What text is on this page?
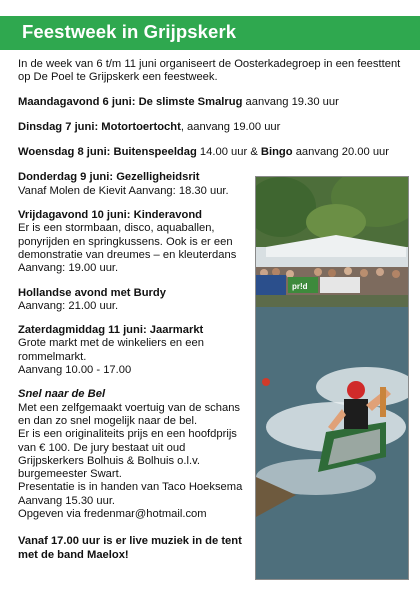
Feestweek in Grijpskerk

In de week van 6 t/m 11 juni organiseert de Oosterkadegroep in een feesttent op De Poel te Grijpskerk een feestweek.

Maandagavond 6 juni: De slimste Smalrug aanvang 19.30 uur

Dinsdag 7 juni: Motortoertocht, aanvang 19.00 uur

Woensdag 8 juni: Buitenspeeldag 14.00 uur & Bingo aanvang 20.00 uur

Donderdag 9 juni: Gezelligheidsrit

Vanaf Molen de Kievit Aanvang: 18.30 uur.

Vrijdagavond 10 juni: Kinderavond

Er is een stormbaan, disco, aquaballen, ponyrijden en springkussens. Ook is er een demonstratie van dreumes – en kleuterdans

Aanvang: 19.00 uur.

Hollandse avond met Burdy

Aanvang: 21.00 uur.

Zaterdagmiddag 11 juni: Jaarmarkt

Grote markt met de winkeliers en een rommelmarkt.

Aanvang 10.00 - 17.00

Snel naar de Bel

Met een zelfgemaakt voertuig van de schans en dan zo snel mogelijk naar de bel.

Er is een originaliteits prijs en een hoofdprijs van € 100. De jury bestaat uit oud Grijpskerkers Bolhuis & Bolhuis o.l.v. burgemeester Swart.

Presentatie is in handen van Taco Hoeksema

Aanvang 15.30 uur.

Opgeven via fredenmar@hotmail.com

Vanaf 17.00 uur is er live muziek in de tent met de band Maelox!

pr!d
